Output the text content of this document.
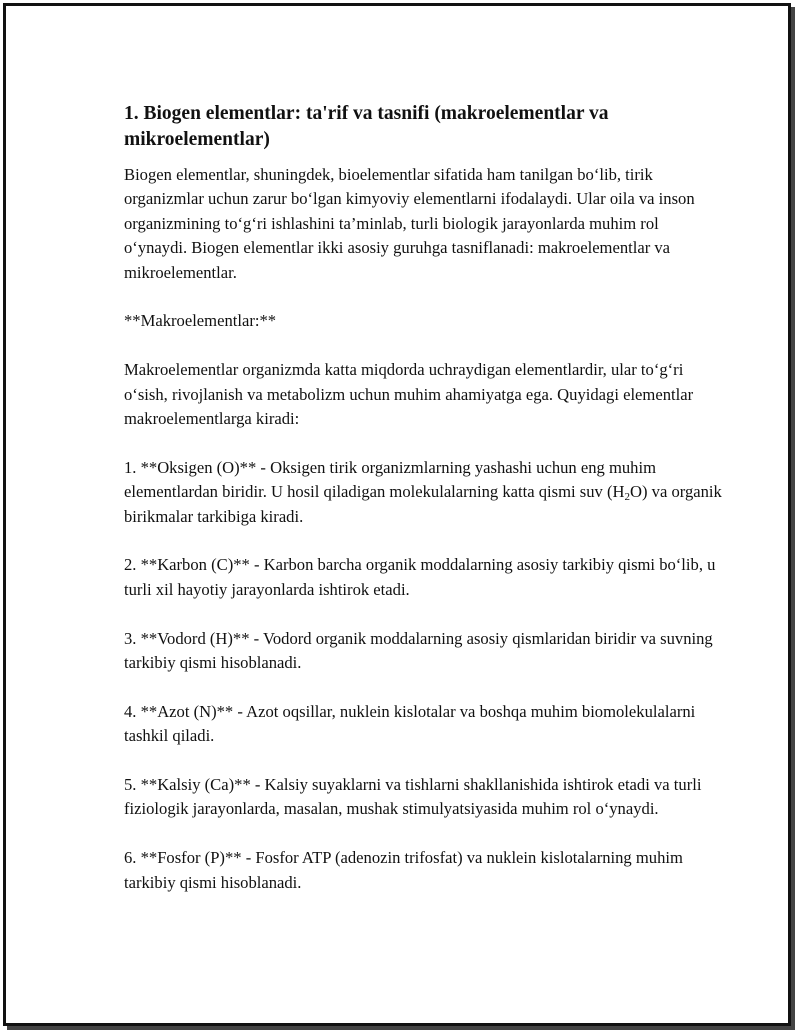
1. Biogen elementlar: ta'rif va tasnifi (makroelementlar va mikroelementlar)

Biogen elementlar, shuningdek, bioelementlar sifatida ham tanilgan bo‘lib, tirik organizmlar uchun zarur bo‘lgan kimyoviy elementlarni ifodalaydi. Ular oila va inson organizmining to‘g‘ri ishlashini ta’minlab, turli biologik jarayonlarda muhim rol o‘ynaydi. Biogen elementlar ikki asosiy guruhga tasniflanadi: makroelementlar va mikroelementlar.

**Makroelementlar:**

Makroelementlar organizmda katta miqdorda uchraydigan elementlardir, ular to‘g‘ri o‘sish, rivojlanish va metabolizm uchun muhim ahamiyatga ega. Quyidagi elementlar makroelementlarga kiradi:

1. **Oksigen (O)** - Oksigen tirik organizmlarning yashashi uchun eng muhim elementlardan biridir. U hosil qiladigan molekulalarning katta qismi suv $(H_2O)$ va organik birikmalar tarkibiga kiradi.

2. **Karbon (C)** - Karbon barcha organik moddalarning asosiy tarkibiy qismi bo‘lib, u turli xil hayotiy jarayonlarda ishtirok etadi.

3. **Vodord (H)** - Vodord organik moddalarning asosiy qismlaridan biridir va suvning tarkibiy qismi hisoblanadi.

4. **Azot (N)** - Azot oqsillar, nuklein kislotalar va boshqa muhim biomolekulalarni tashkil qiladi.

5. **Kalsiy (Ca)** - Kalsiy suyaklarni va tishlarni shakllanishida ishtirok etadi va turli fiziologik jarayonlarda, masalan, mushak stimulyatsiyasida muhim rol o‘ynaydi.

6. **Fosfor (P)** - Fosfor ATP (adenozin trifosfat) va nuklein kislotalarning muhim tarkibiy qismi hisoblanadi.
